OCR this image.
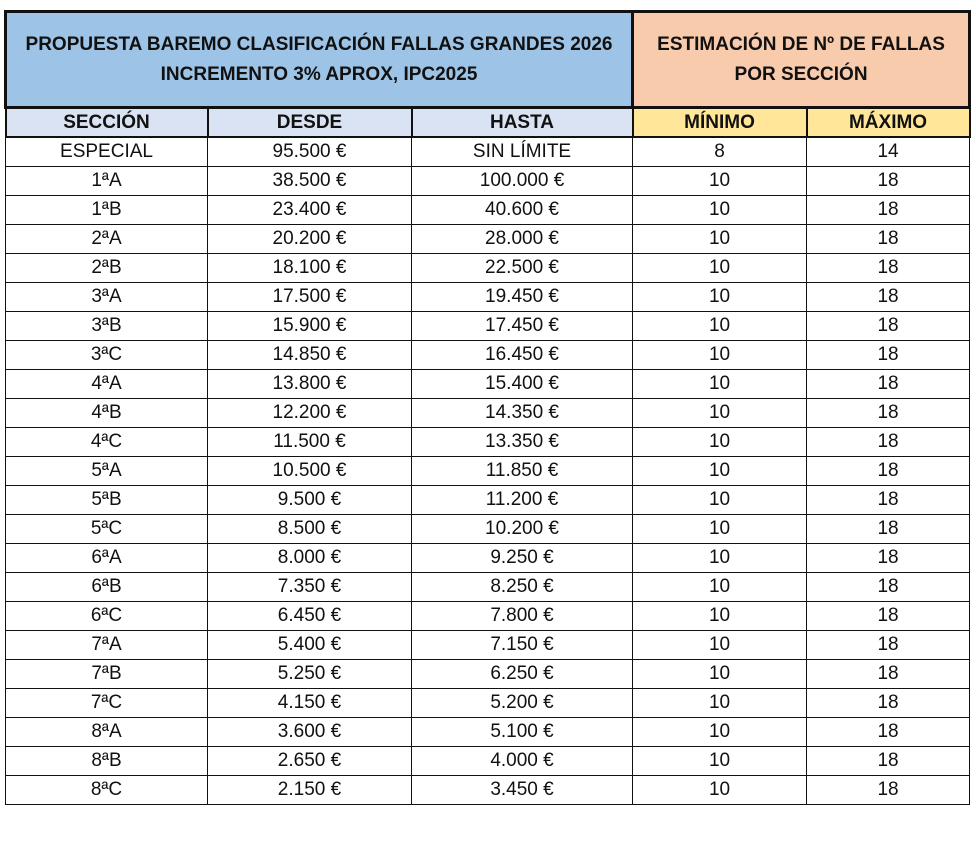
PROPUESTA BAREMO CLASIFICACIÓN FALLAS GRANDES 2026
INCREMENTO 3% APROX, IPC2025			ESTIMACIÓN DE Nº DE FALLAS
POR SECCIÓN	

SECCIÓN	DESDE	HASTA	MÍNIMO	MÁXIMO
ESPECIAL	95.500 €	SIN LÍMITE	8	14
1ªA	38.500 €	100.000 €	10	18
1ªB	23.400 €	40.600 €	10	18
2ªA	20.200 €	28.000 €	10	18
2ªB	18.100 €	22.500 €	10	18
3ªA	17.500 €	19.450 €	10	18
3ªB	15.900 €	17.450 €	10	18
3ªC	14.850 €	16.450 €	10	18
4ªA	13.800 €	15.400 €	10	18
4ªB	12.200 €	14.350 €	10	18
4ªC	11.500 €	13.350 €	10	18
5ªA	10.500 €	11.850 €	10	18
5ªB	9.500 €	11.200 €	10	18
5ªC	8.500 €	10.200 €	10	18
6ªA	8.000 €	9.250 €	10	18
6ªB	7.350 €	8.250 €	10	18
6ªC	6.450 €	7.800 €	10	18
7ªA	5.400 €	7.150 €	10	18
7ªB	5.250 €	6.250 €	10	18
7ªC	4.150 €	5.200 €	10	18
8ªA	3.600 €	5.100 €	10	18
8ªB	2.650 €	4.000 €	10	18
8ªC	2.150 €	3.450 €	10	18
